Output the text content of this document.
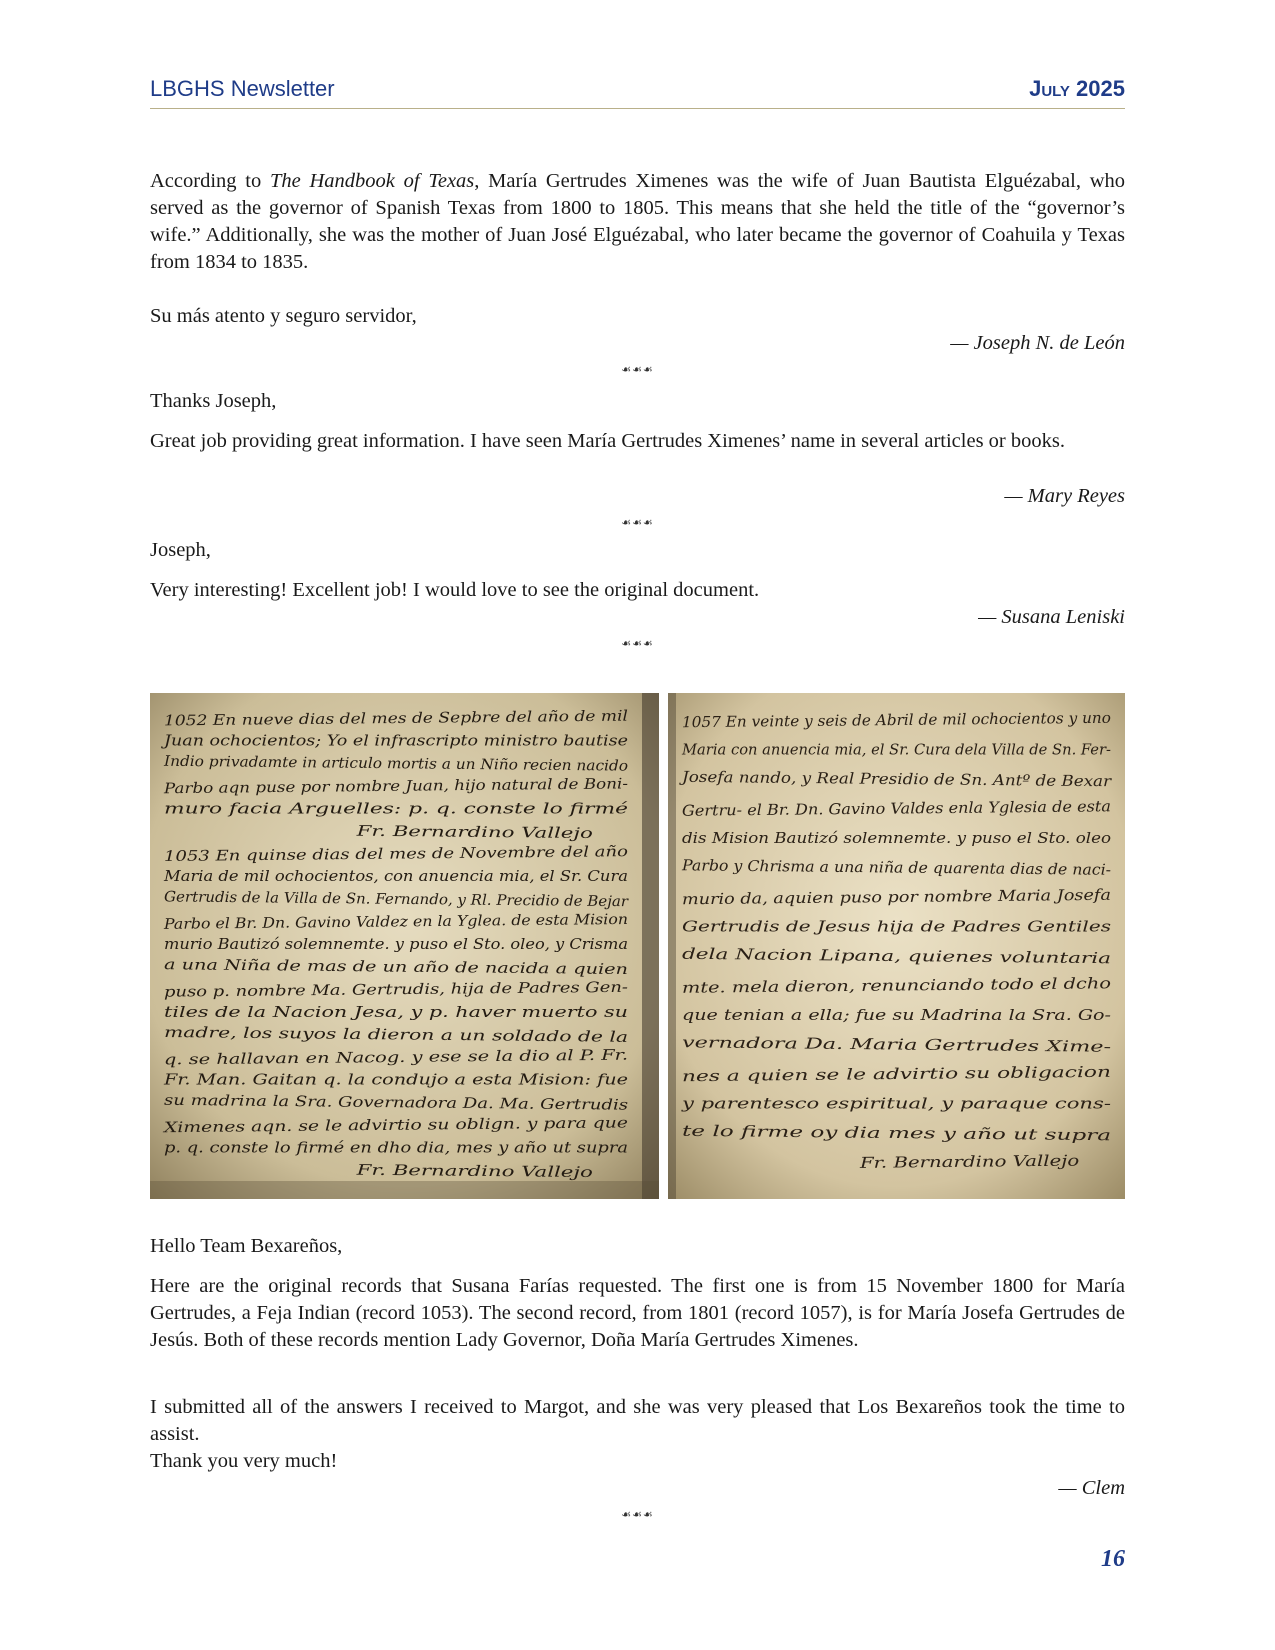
LBGHS Newsletter	July 2025

According to The Handbook of Texas, María Gertrudes Ximenes was the wife of Juan Bautista Elguézabal, who served as the governor of Spanish Texas from 1800 to 1805. This means that she held the title of the “governor’s wife.” Additionally, she was the mother of Juan José Elguézabal, who later became the governor of Coahuila y Texas from 1834 to 1835.

Su más atento y seguro servidor,

— Joseph N. de León

☙☙☙

Thanks Joseph,

Great job providing great information. I have seen María Gertrudes Ximenes’ name in several articles or books.

— Mary Reyes

☙☙☙

Joseph,

Very interesting! Excellent job! I would love to see the original document.

— Susana Leniski

☙☙☙
1052 En nueve dias del mes de Sepbre del año de mil
Juan ochocientos; Yo el infrascripto ministro bautise
Indio privadamte in articulo mortis a un Niño recien nacido
Parbo aqn puse por nombre Juan, hijo natural de Boni-
muro facia Arguelles: p. q. conste lo firmé
Fr. Bernardino Vallejo
1053 En quinse dias del mes de Novembre del año
Maria de mil ochocientos, con anuencia mia, el Sr. Cura
Gertrudis de la Villa de Sn. Fernando, y Rl. Precidio de Bejar
Parbo el Br. Dn. Gavino Valdez en la Yglea. de esta Mision
murio Bautizó solemnemte. y puso el Sto. oleo, y Crisma
a una Niña de mas de un año de nacida a quien
puso p. nombre Ma. Gertrudis, hija de Padres Gen-
tiles de la Nacion Jesa, y p. haver muerto su
madre, los suyos la dieron a un soldado de la
q. se hallavan en Nacog. y ese se la dio al P. Fr.
Fr. Man. Gaitan q. la condujo a esta Mision: fue
su madrina la Sra. Governadora Da. Ma. Gertrudis
Ximenes aqn. se le advirtio su oblign. y para que
p. q. conste lo firmé en dho dia, mes y año ut supra
Fr. Bernardino Vallejo
1057 En veinte y seis de Abril de mil ochocientos y uno
Maria con anuencia mia, el Sr. Cura dela Villa de Sn. Fer-
Josefa nando, y Real Presidio de Sn. Antº de Bexar
Gertru- el Br. Dn. Gavino Valdes enla Yglesia de esta
dis Mision Bautizó solemnemte. y puso el Sto. oleo
Parbo y Chrisma a una niña de quarenta dias de naci-
murio da, aquien puso por nombre Maria Josefa
Gertrudis de Jesus hija de Padres Gentiles
dela Nacion Lipana, quienes voluntaria
mte. mela dieron, renunciando todo el dcho
que tenian a ella; fue su Madrina la Sra. Go-
vernadora Da. Maria Gertrudes Xime-
nes a quien se le advirtio su obligacion
y parentesco espiritual, y paraque cons-
te lo firme oy dia mes y año ut supra
Fr. Bernardino Vallejo

Hello Team Bexareños,

Here are the original records that Susana Farías requested. The first one is from 15 November 1800 for María Gertrudes, a Feja Indian (record 1053). The second record, from 1801 (record 1057), is for María Josefa Gertrudes de Jesús. Both of these records mention Lady Governor, Doña María Gertrudes Ximenes.

I submitted all of the answers I received to Margot, and she was very pleased that Los Bexareños took the time to assist.

Thank you very much!

— Clem

☙☙☙
16
